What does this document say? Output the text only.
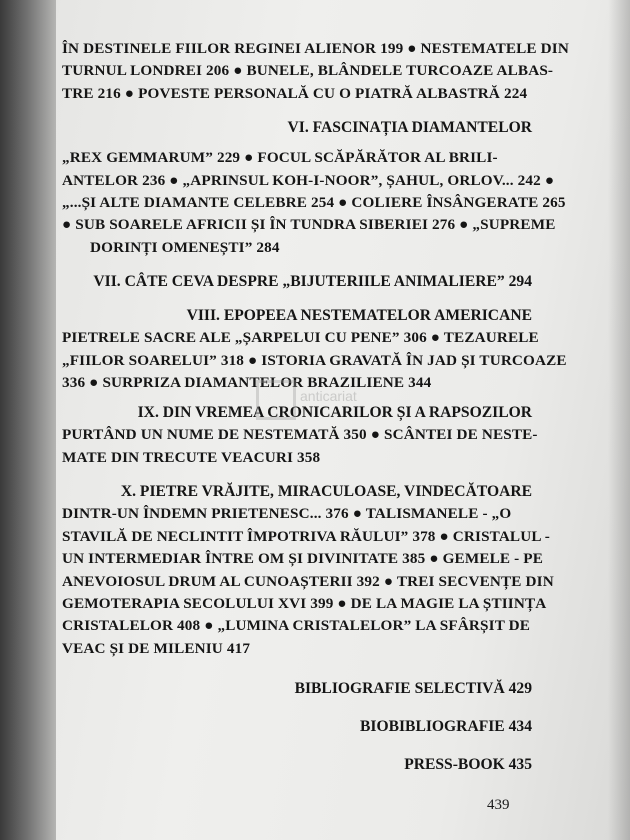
ÎN DESTINELE FIILOR REGINEI ALIENOR 199 ● NESTEMATELE DIN

TURNUL LONDREI 206 ● BUNELE, BLÂNDELE TURCOAZE ALBAS-

TRE 216 ● POVESTE PERSONALĂ CU O PIATRĂ ALBASTRĂ 224

VI. FASCINAȚIA DIAMANTELOR

„REX GEMMARUM” 229 ● FOCUL SCĂPĂRĂTOR AL BRILI-

ANTELOR 236 ● „APRINSUL KOH-I-NOOR”, ȘAHUL, ORLOV... 242 ●

„...ȘI ALTE DIAMANTE CELEBRE 254 ● COLIERE ÎNSÂNGERATE 265

● SUB SOARELE AFRICII ȘI ÎN TUNDRA SIBERIEI 276 ● „SUPREME

DORINȚI OMENEȘTI” 284

VII. CÂTE CEVA DESPRE „BIJUTERIILE ANIMALIERE” 294

VIII. EPOPEEA NESTEMATELOR AMERICANE

PIETRELE SACRE ALE „ȘARPELUI CU PENE” 306 ● TEZAURELE

„FIILOR SOARELUI” 318 ● ISTORIA GRAVATĂ ÎN JAD ȘI TURCOAZE

336 ● SURPRIZA DIAMANTELOR BRAZILIENE 344

IX. DIN VREMEA CRONICARILOR ȘI A RAPSOZILOR

PURTÂND UN NUME DE NESTEMATĂ 350 ● SCÂNTEI DE NESTE-

MATE DIN TRECUTE VEACURI 358

X. PIETRE VRĂJITE, MIRACULOASE, VINDECĂTOARE

DINTR-UN ÎNDEMN PRIETENESC... 376 ● TALISMANELE - „O

STAVILĂ DE NECLINTIT ÎMPOTRIVA RĂULUI” 378 ● CRISTALUL -

UN INTERMEDIAR ÎNTRE OM ȘI DIVINITATE 385 ● GEMELE - PE

ANEVOIOSUL DRUM AL CUNOAȘTERII 392 ● TREI SECVENȚE DIN

GEMOTERAPIA SECOLULUI XVI 399 ● DE LA MAGIE LA ȘTIINȚA

CRISTALELOR 408 ● „LUMINA CRISTALELOR” LA SFÂRȘIT DE

VEAC ȘI DE MILENIU 417

BIBLIOGRAFIE SELECTIVĂ 429
BIOBIBLIOGRAFIE 434
PRESS-BOOK 435
anticariat
439
